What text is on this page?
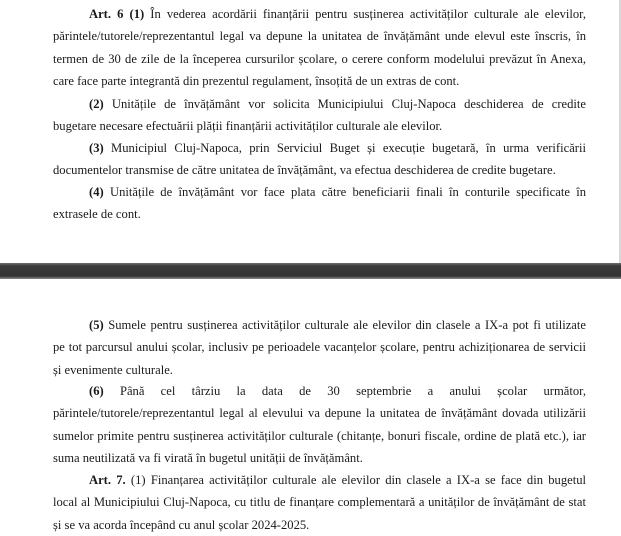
Art. 6 (1) În vederea acordării finanțării pentru susținerea activităților culturale ale elevilor,
părintele/tutorele/reprezentantul legal va depune la unitatea de învățământ unde elevul este înscris, în
termen de 30 de zile de la începerea cursurilor școlare, o cerere conform modelului prevăzut în Anexa,
care face parte integrantă din prezentul regulament, însoțită de un extras de cont.
(2) Unitățile de învățământ vor solicita Municipiului Cluj-Napoca deschiderea de credite
bugetare necesare efectuării plății finanțării activităților culturale ale elevilor.
(3) Municipiul Cluj-Napoca, prin Serviciul Buget și execuție bugetară, în urma verificării
documentelor transmise de către unitatea de învățământ, va efectua deschiderea de credite bugetare.
(4) Unitățile de învățământ vor face plata către beneficiarii finali în conturile specificate în
extrasele de cont.
(5) Sumele pentru susținerea activităților culturale ale elevilor din clasele a IX-a pot fi utilizate
pe tot parcursul anului școlar, inclusiv pe perioadele vacanțelor școlare, pentru achiziționarea de servicii
și evenimente culturale.
(6) Până cel târziu la data de 30 septembrie a anului școlar următor,
părintele/tutorele/reprezentantul legal al elevului va depune la unitatea de învățământ dovada utilizării
sumelor primite pentru susținerea activităților culturale (chitanțe, bonuri fiscale, ordine de plată etc.), iar
suma neutilizată va fi virată în bugetul unității de învățământ.
Art. 7. (1) Finanțarea activităților culturale ale elevilor din clasele a IX-a se face din bugetul
local al Municipiului Cluj-Napoca, cu titlu de finanțare complementară a unităților de învățământ de stat
și se va acorda începând cu anul școlar 2024-2025.
